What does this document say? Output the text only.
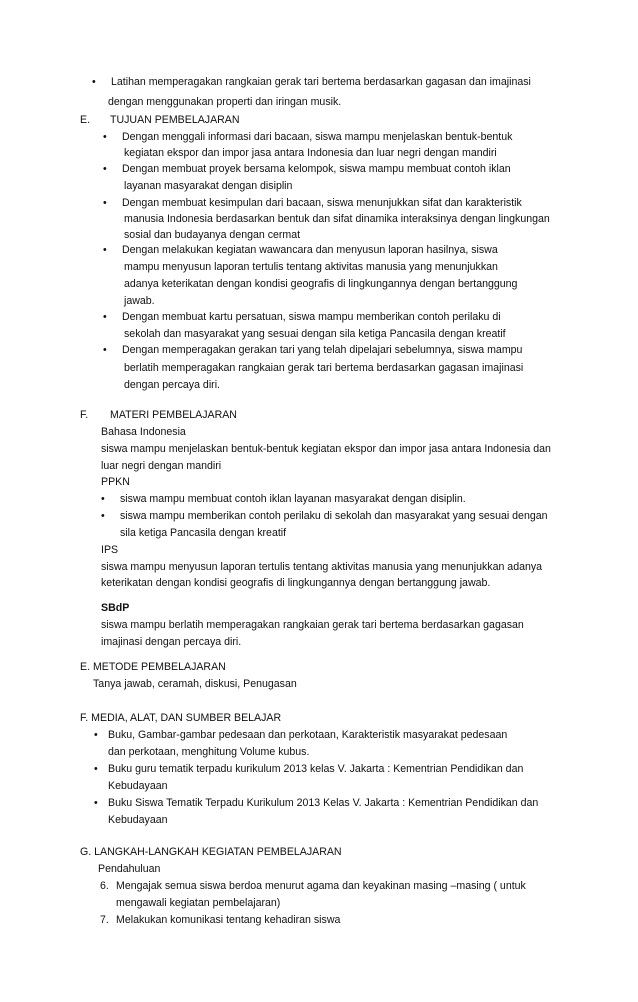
• Latihan memperagakan rangkaian gerak tari bertema berdasarkan gagasan dan imajinasi
dengan menggunakan properti dan iringan musik.
E. TUJUAN PEMBELAJARAN
• Dengan menggali informasi dari bacaan, siswa mampu menjelaskan bentuk-bentuk
kegiatan ekspor dan impor jasa antara Indonesia dan luar negri dengan mandiri
• Dengan membuat proyek bersama kelompok, siswa mampu membuat contoh iklan
layanan masyarakat dengan disiplin
• Dengan membuat kesimpulan dari bacaan, siswa menunjukkan sifat dan karakteristik
manusia Indonesia berdasarkan bentuk dan sifat dinamika interaksinya dengan lingkungan
sosial dan budayanya dengan cermat
• Dengan melakukan kegiatan wawancara dan menyusun laporan hasilnya, siswa
mampu menyusun laporan tertulis tentang aktivitas manusia yang menunjukkan
adanya keterikatan dengan kondisi geografis di lingkungannya dengan bertanggung
jawab.
• Dengan membuat kartu persatuan, siswa mampu memberikan contoh perilaku di
sekolah dan masyarakat yang sesuai dengan sila ketiga Pancasila dengan kreatif
• Dengan memperagakan gerakan tari yang telah dipelajari sebelumnya, siswa mampu
berlatih memperagakan rangkaian gerak tari bertema berdasarkan gagasan imajinasi
dengan percaya diri.
F. MATERI PEMBELAJARAN
Bahasa Indonesia
siswa mampu menjelaskan bentuk-bentuk kegiatan ekspor dan impor jasa antara Indonesia dan
luar negri dengan mandiri
PPKN
• siswa mampu membuat contoh iklan layanan masyarakat dengan disiplin.
• siswa mampu memberikan contoh perilaku di sekolah dan masyarakat yang sesuai dengan
sila ketiga Pancasila dengan kreatif
IPS
siswa mampu menyusun laporan tertulis tentang aktivitas manusia yang menunjukkan adanya
keterikatan dengan kondisi geografis di lingkungannya dengan bertanggung jawab.
SBdP
siswa mampu berlatih memperagakan rangkaian gerak tari bertema berdasarkan gagasan
imajinasi dengan percaya diri.
E. METODE PEMBELAJARAN
Tanya jawab, ceramah, diskusi, Penugasan
F. MEDIA, ALAT, DAN SUMBER BELAJAR
• Buku, Gambar-gambar pedesaan dan perkotaan, Karakteristik masyarakat pedesaan
dan perkotaan, menghitung Volume kubus.
• Buku guru tematik terpadu kurikulum 2013 kelas V. Jakarta : Kementrian Pendidikan dan
Kebudayaan
• Buku Siswa Tematik Terpadu Kurikulum 2013 Kelas V. Jakarta : Kementrian Pendidikan dan
Kebudayaan
G. LANGKAH-LANGKAH KEGIATAN PEMBELAJARAN
Pendahuluan
6. Mengajak semua siswa berdoa menurut agama dan keyakinan masing –masing ( untuk
mengawali kegiatan pembelajaran)
7. Melakukan komunikasi tentang kehadiran siswa
